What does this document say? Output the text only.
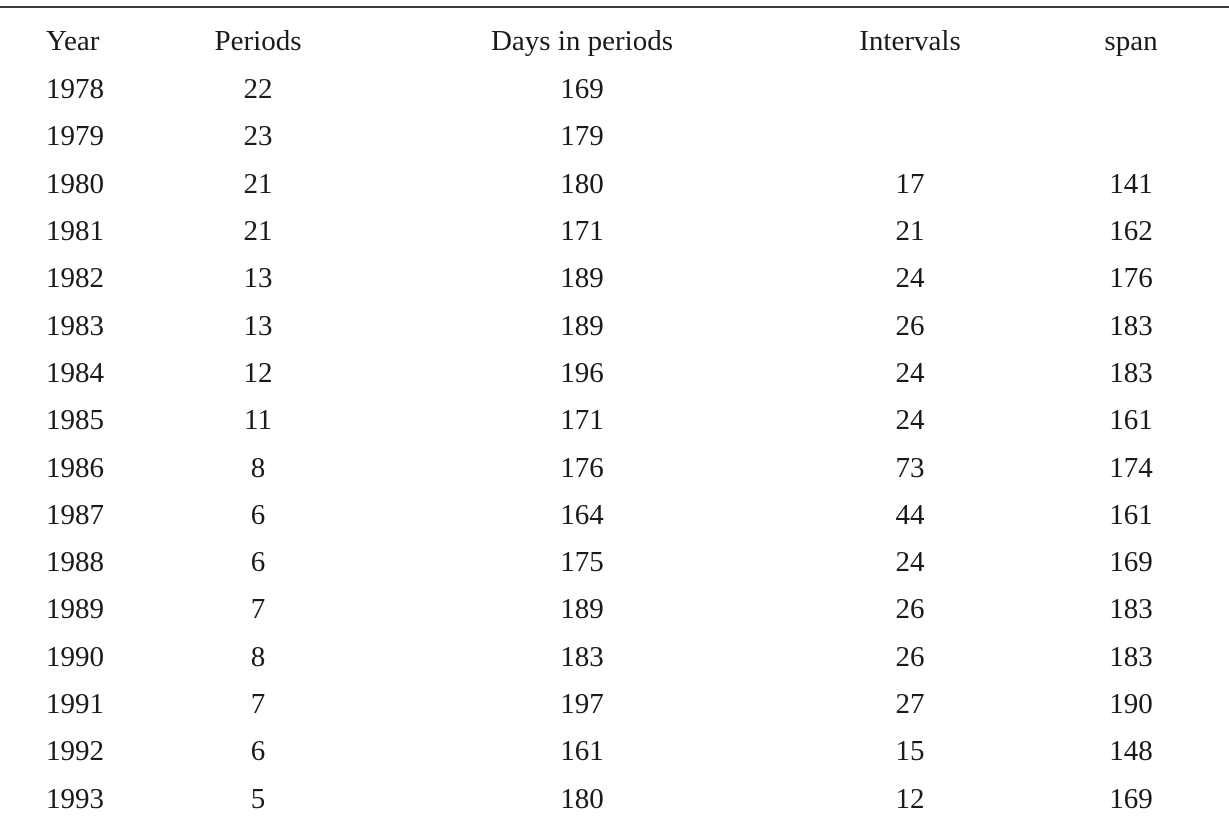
Year	Periods	Days in periods	Intervals	span
1978	22	169		
1979	23	179		
1980	21	180	17	141
1981	21	171	21	162
1982	13	189	24	176
1983	13	189	26	183
1984	12	196	24	183
1985	11	171	24	161
1986	8	176	73	174
1987	6	164	44	161
1988	6	175	24	169
1989	7	189	26	183
1990	8	183	26	183
1991	7	197	27	190
1992	6	161	15	148
1993	5	180	12	169
